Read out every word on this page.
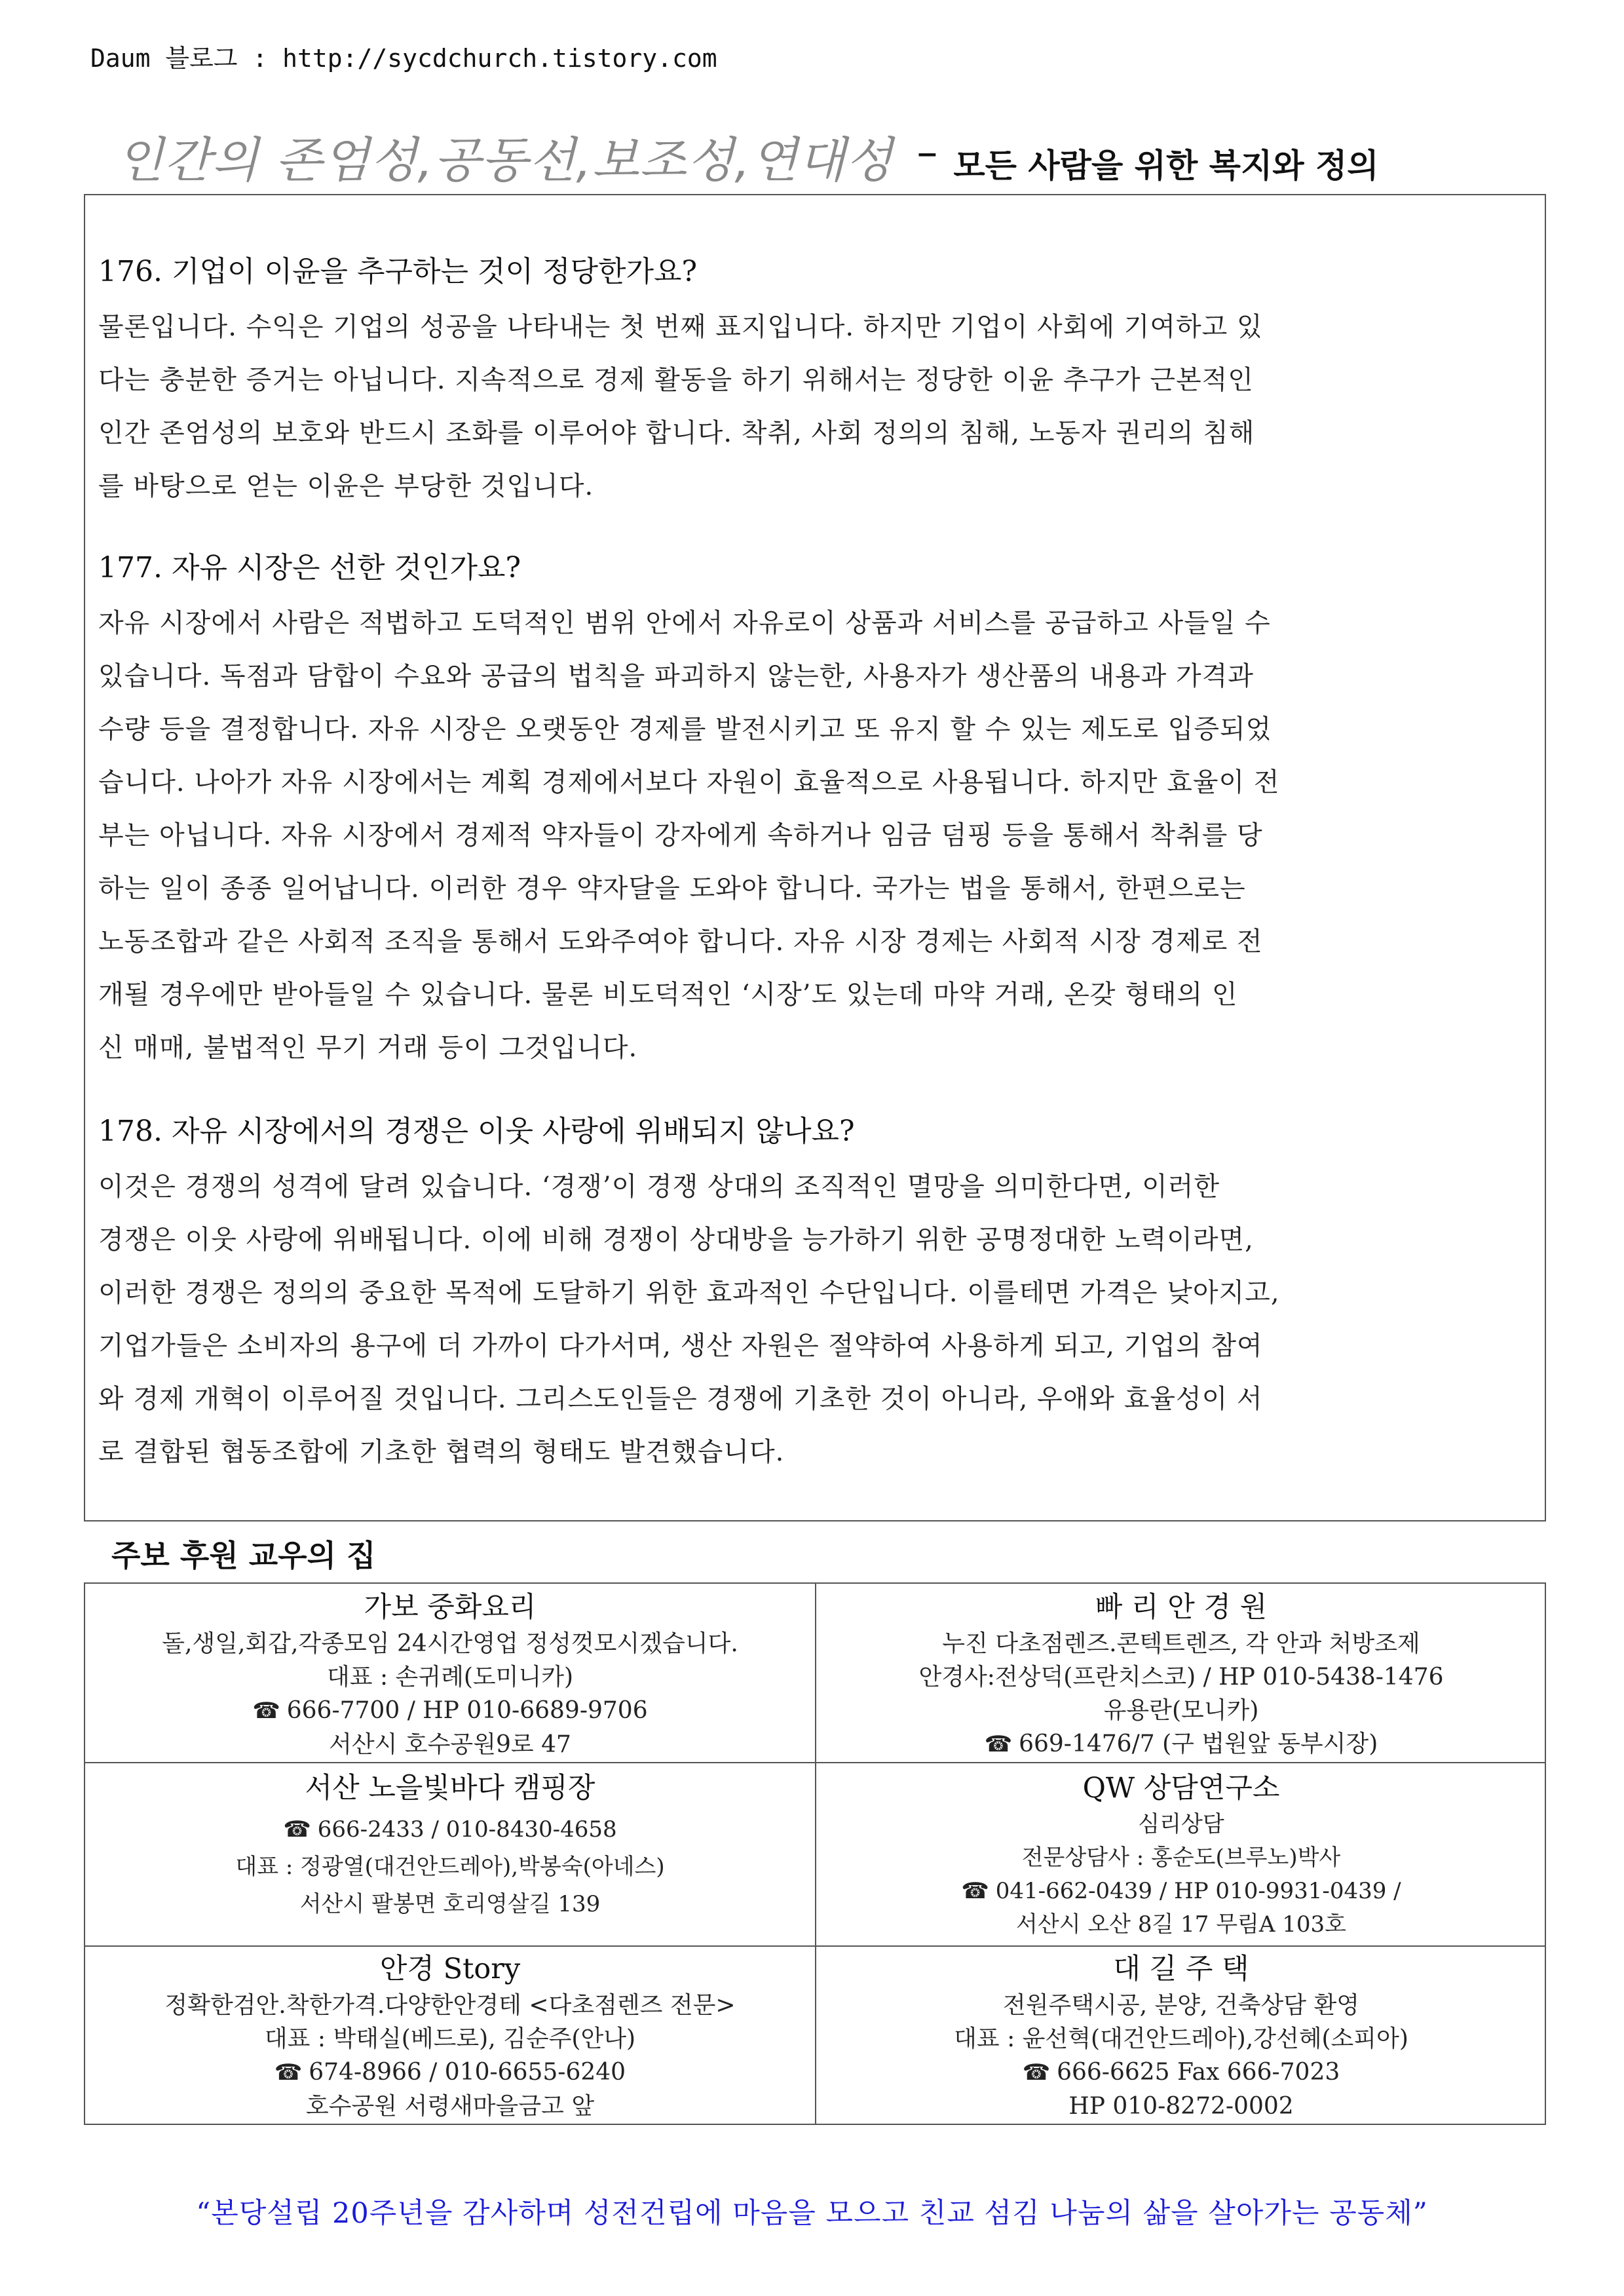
Daum 블로그 : http://sycdchurch.tistory.com
인간의 존엄성,공동선,보조성,연대성 – 모든 사람을 위한 복지와 정의

176. 기업이 이윤을 추구하는 것이 정당한가요?

물론입니다. 수익은 기업의 성공을 나타내는 첫 번째 표지입니다. 하지만 기업이 사회에 기여하고 있

다는 충분한 증거는 아닙니다. 지속적으로 경제 활동을 하기 위해서는 정당한 이윤 추구가 근본적인

인간 존엄성의 보호와 반드시 조화를 이루어야 합니다. 착취, 사회 정의의 침해, 노동자 권리의 침해

를 바탕으로 얻는 이윤은 부당한 것입니다.

177. 자유 시장은 선한 것인가요?

자유 시장에서 사람은 적법하고 도덕적인 범위 안에서 자유로이 상품과 서비스를 공급하고 사들일 수

있습니다. 독점과 담합이 수요와 공급의 법칙을 파괴하지 않는한, 사용자가 생산품의 내용과 가격과

수량 등을 결정합니다. 자유 시장은 오랫동안 경제를 발전시키고 또 유지 할 수 있는 제도로 입증되었

습니다. 나아가 자유 시장에서는 계획 경제에서보다 자원이 효율적으로 사용됩니다. 하지만 효율이 전

부는 아닙니다. 자유 시장에서 경제적 약자들이 강자에게 속하거나 임금 덤핑 등을 통해서 착취를 당

하는 일이 종종 일어납니다. 이러한 경우 약자달을 도와야 합니다. 국가는 법을 통해서, 한편으로는

노동조합과 같은 사회적 조직을 통해서 도와주여야 합니다. 자유 시장 경제는 사회적 시장 경제로 전

개될 경우에만 받아들일 수 있습니다. 물론 비도덕적인 ‘시장’도 있는데 마약 거래, 온갖 형태의 인

신 매매, 불법적인 무기 거래 등이 그것입니다.

178. 자유 시장에서의 경쟁은 이웃 사랑에 위배되지 않나요?

이것은 경쟁의 성격에 달려 있습니다. ‘경쟁’이 경쟁 상대의 조직적인 멸망을 의미한다면, 이러한

경쟁은 이웃 사랑에 위배됩니다. 이에 비해 경쟁이 상대방을 능가하기 위한 공명정대한 노력이라면,

이러한 경쟁은 정의의 중요한 목적에 도달하기 위한 효과적인 수단입니다. 이를테면 가격은 낮아지고,

기업가들은 소비자의 용구에 더 가까이 다가서며, 생산 자원은 절약하여 사용하게 되고, 기업의 참여

와 경제 개혁이 이루어질 것입니다. 그리스도인들은 경쟁에 기초한 것이 아니라, 우애와 효율성이 서

로 결합된 협동조합에 기초한 협력의 형태도 발견했습니다.

주보 후원 교우의 집
가보 중화요리
돌,생일,회갑,각종모임 24시간영업 정성껏모시겠습니다.
대표 : 손귀례(도미니카)
☎ 666-7700 / HP 010-6689-9706
서산시 호수공원9로 47
빠 리 안 경 원
누진 다초점렌즈.콘텍트렌즈, 각 안과 처방조제
안경사:전상덕(프란치스코) / HP 010-5438-1476
유용란(모니카)
☎ 669-1476/7 (구 법원앞 동부시장)
서산 노을빛바다 캠핑장
☎ 666-2433 / 010-8430-4658
대표 : 정광열(대건안드레아),박봉숙(아네스)
서산시 팔봉면 호리영살길 139
QW 상담연구소
심리상담
전문상담사 : 홍순도(브루노)박사
☎ 041-662-0439 / HP 010-9931-0439 /
서산시 오산 8길 17 무림A 103호
안경 Story
정확한검안.착한가격.다양한안경테 <다초점렌즈 전문>
대표 : 박태실(베드로), 김순주(안나)
☎ 674-8966 / 010-6655-6240
호수공원 서령새마을금고 앞
대 길 주 택
전원주택시공, 분양, 건축상담 환영
대표 : 윤선혁(대건안드레아),강선혜(소피아)
☎ 666-6625 Fax 666-7023
HP 010-8272-0002
“본당설립 20주년을 감사하며 성전건립에 마음을 모으고 친교 섬김 나눔의 삶을 살아가는 공동체”
